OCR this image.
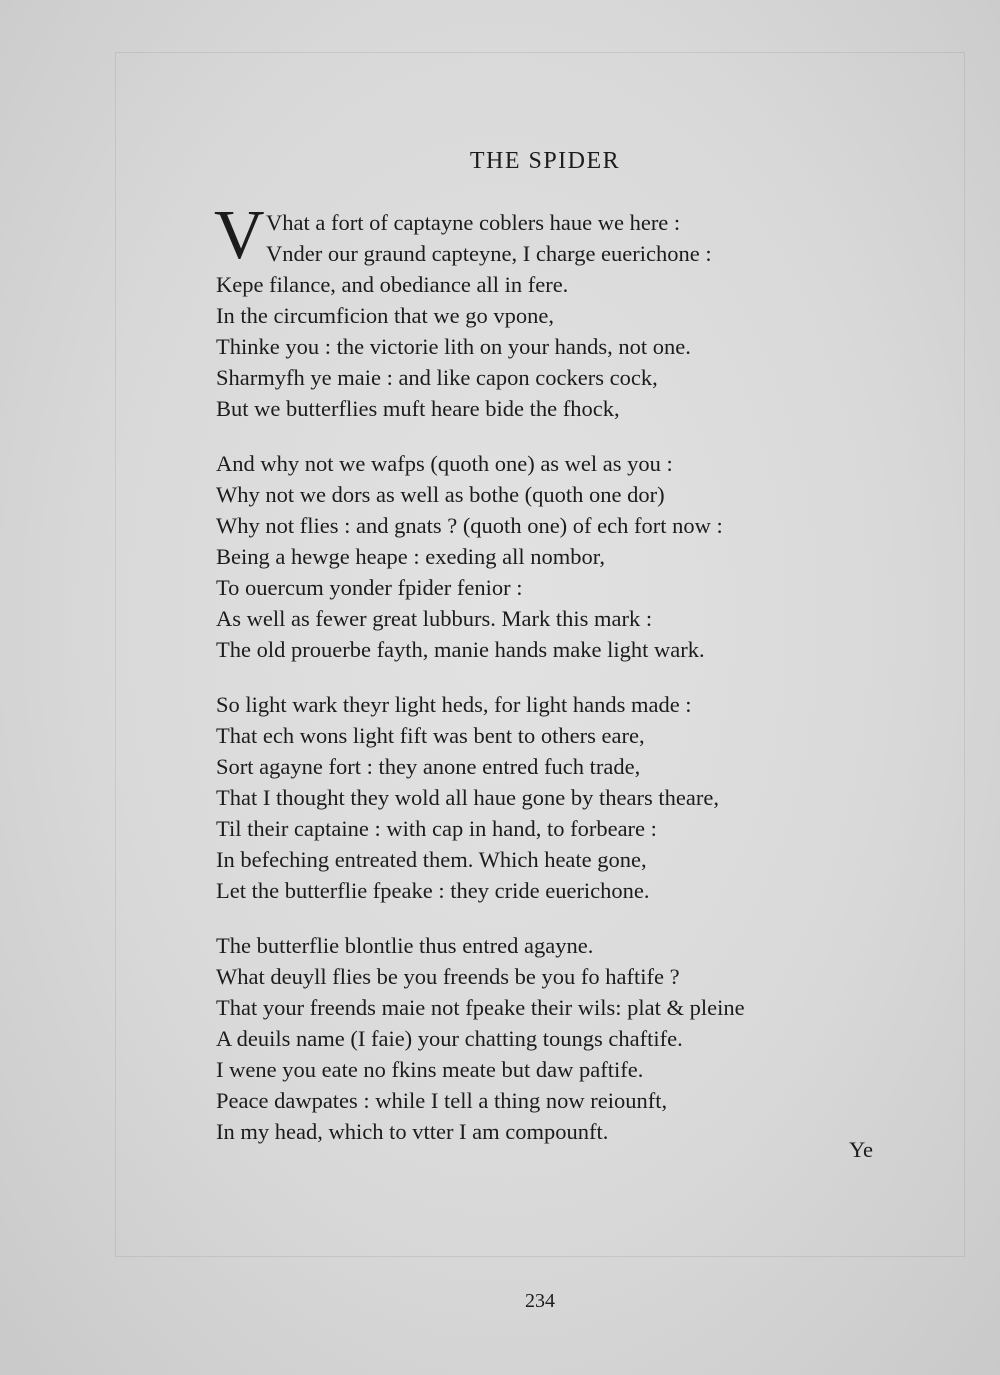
THE SPIDER
V Vhat a fort of captayne coblers haue we here :
Vnder our graund capteyne, I charge euerichone :
Kepe filance, and obediance all in fere.
In the circumficion that we go vpone,
Thinke you : the victorie lith on your hands, not one.
Sharmyfh ye maie : and like capon cockers cock,
But we butterflies muft heare bide the fhock,
And why not we wafps (quoth one) as wel as you :
Why not we dors as well as bothe (quoth one dor)
Why not flies : and gnats ? (quoth one) of ech fort now :
Being a hewge heape : exeding all nombor,
To ouercum yonder fpider fenior :
As well as fewer great lubburs. Mark this mark :
The old prouerbe fayth, manie hands make light wark.
So light wark theyr light heds, for light hands made :
That ech wons light fift was bent to others eare,
Sort agayne fort : they anone entred fuch trade,
That I thought they wold all haue gone by thears theare,
Til their captaine : with cap in hand, to forbeare :
In befeching entreated them. Which heate gone,
Let the butterflie fpeake : they cride euerichone.
The butterflie blontlie thus entred agayne.
What deuyll flies be you freends be you fo haftife ?
That your freends maie not fpeake their wils: plat & pleine
A deuils name (I faie) your chatting toungs chaftife.
I wene you eate no fkins meate but daw paftife.
Peace dawpates : while I tell a thing now reiounft,
In my head, which to vtter I am compounft.
Ye
234
